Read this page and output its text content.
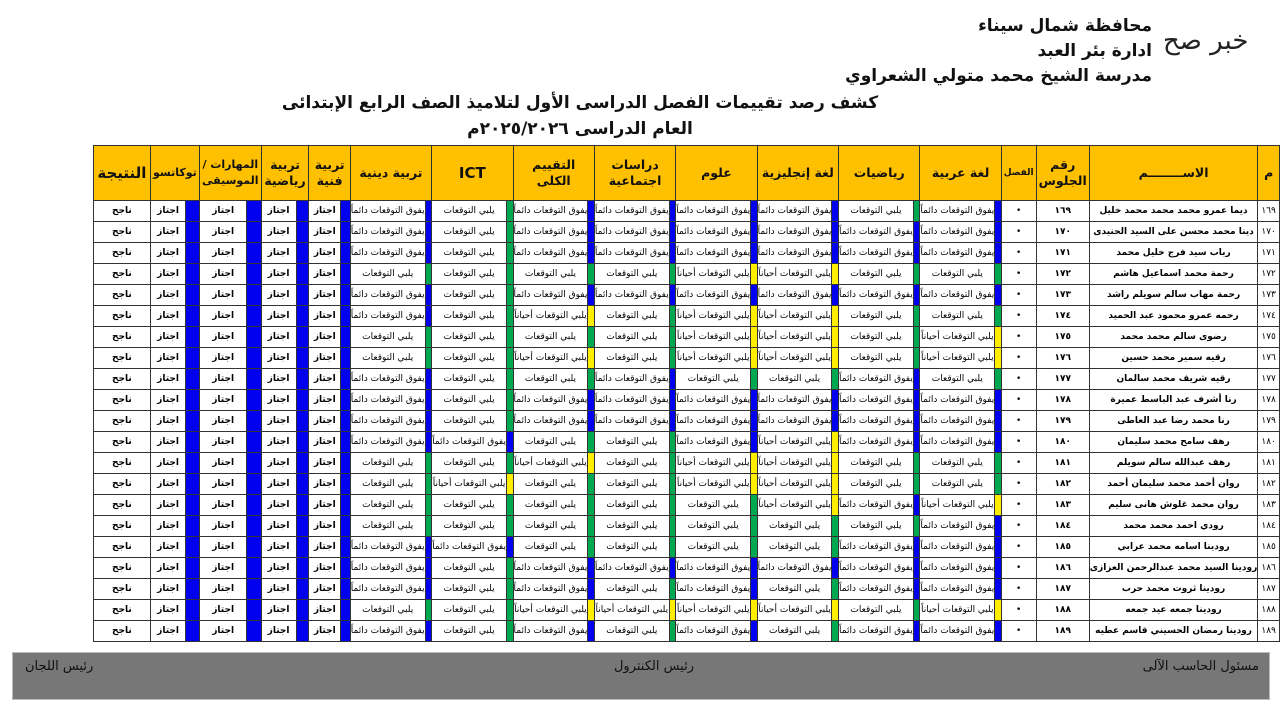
محافظة شمال سيناء
ادارة بئر العبد
مدرسة الشيخ محمد متولي الشعراوي
خبر صح
كشف رصد تقييمات الفصل الدراسى الأول لتلاميذ الصف الرابع الإبتدائى
العام الدراسى ٢٠٢٥/٢٠٢٦م
م	الاســــــــم	رقم الجلوس	الفصل	لغة عربية		رياضيات		لغة إنجليزية		علوم		دراسات اجتماعية		التقييم الكلى		ICT		تربية دينية		تربية فنية		تربية رياضية		المهارات / الموسيقى		توكاتسو		النتيجة
١٦٩	ديما عمرو محمد محمد محمد خليل	١٦٩	•		يفوق التوقعات دائماً		يلبي التوقعات		يفوق التوقعات دائماً		يفوق التوقعات دائماً		يفوق التوقعات دائماً		يفوق التوقعات دائماً		يلبي التوقعات		يفوق التوقعات دائماً		اجتاز		اجتاز		اجتاز		اجتاز	ناجح
١٧٠	دينا محمد محسن على السيد الحنيدى	١٧٠	•		يفوق التوقعات دائماً		يفوق التوقعات دائماً		يفوق التوقعات دائماً		يفوق التوقعات دائماً		يفوق التوقعات دائماً		يفوق التوقعات دائماً		يلبي التوقعات		يفوق التوقعات دائماً		اجتاز		اجتاز		اجتاز		اجتاز	ناجح
١٧١	رباب سيد فرج خليل محمد	١٧١	•		يفوق التوقعات دائماً		يفوق التوقعات دائماً		يفوق التوقعات دائماً		يفوق التوقعات دائماً		يفوق التوقعات دائماً		يفوق التوقعات دائماً		يلبي التوقعات		يفوق التوقعات دائماً		اجتاز		اجتاز		اجتاز		اجتاز	ناجح
١٧٢	رحمة محمد اسماعيل هاشم	١٧٢	•		يلبي التوقعات		يلبي التوقعات		يلبي التوقعات أحياناً		يلبي التوقعات أحياناً		يلبي التوقعات		يلبي التوقعات		يلبي التوقعات		يلبي التوقعات		اجتاز		اجتاز		اجتاز		اجتاز	ناجح
١٧٣	رحمة مهاب سالم سويلم راشد	١٧٣	•		يفوق التوقعات دائماً		يفوق التوقعات دائماً		يفوق التوقعات دائماً		يفوق التوقعات دائماً		يفوق التوقعات دائماً		يفوق التوقعات دائماً		يلبي التوقعات		يفوق التوقعات دائماً		اجتاز		اجتاز		اجتاز		اجتاز	ناجح
١٧٤	رحمه عمرو محمود عبد الحميد	١٧٤	•		يلبي التوقعات		يلبي التوقعات		يلبي التوقعات أحياناً		يلبي التوقعات أحياناً		يلبي التوقعات		يلبي التوقعات أحياناً		يلبي التوقعات		يفوق التوقعات دائماً		اجتاز		اجتاز		اجتاز		اجتاز	ناجح
١٧٥	رضوى سالم محمد محمد	١٧٥	•		يلبي التوقعات أحياناً		يلبي التوقعات		يلبي التوقعات أحياناً		يلبي التوقعات أحياناً		يلبي التوقعات		يلبي التوقعات		يلبي التوقعات		يلبي التوقعات		اجتاز		اجتاز		اجتاز		اجتاز	ناجح
١٧٦	رقيه سمير محمد حسين	١٧٦	•		يلبي التوقعات أحياناً		يلبي التوقعات		يلبي التوقعات أحياناً		يلبي التوقعات أحياناً		يلبي التوقعات		يلبي التوقعات أحياناً		يلبي التوقعات		يلبي التوقعات		اجتاز		اجتاز		اجتاز		اجتاز	ناجح
١٧٧	رقيه شريف محمد سالمان	١٧٧	•		يلبي التوقعات		يفوق التوقعات دائماً		يلبي التوقعات		يلبي التوقعات		يفوق التوقعات دائماً		يلبي التوقعات		يلبي التوقعات		يفوق التوقعات دائماً		اجتاز		اجتاز		اجتاز		اجتاز	ناجح
١٧٨	رنا أشرف عبد الباسط عميرة	١٧٨	•		يفوق التوقعات دائماً		يفوق التوقعات دائماً		يفوق التوقعات دائماً		يفوق التوقعات دائماً		يفوق التوقعات دائماً		يفوق التوقعات دائماً		يلبي التوقعات		يفوق التوقعات دائماً		اجتاز		اجتاز		اجتاز		اجتاز	ناجح
١٧٩	رنا محمد رضا عبد العاطى	١٧٩	•		يفوق التوقعات دائماً		يفوق التوقعات دائماً		يفوق التوقعات دائماً		يفوق التوقعات دائماً		يفوق التوقعات دائماً		يفوق التوقعات دائماً		يلبي التوقعات		يفوق التوقعات دائماً		اجتاز		اجتاز		اجتاز		اجتاز	ناجح
١٨٠	رهف سامح محمد سليمان	١٨٠	•		يفوق التوقعات دائماً		يفوق التوقعات دائماً		يلبي التوقعات أحياناً		يفوق التوقعات دائماً		يلبي التوقعات		يلبي التوقعات		يفوق التوقعات دائماً		يفوق التوقعات دائماً		اجتاز		اجتاز		اجتاز		اجتاز	ناجح
١٨١	رهف عبدالله سالم سويلم	١٨١	•		يلبي التوقعات		يلبي التوقعات		يلبي التوقعات أحياناً		يلبي التوقعات أحياناً		يلبي التوقعات		يلبي التوقعات أحياناً		يلبي التوقعات		يلبي التوقعات		اجتاز		اجتاز		اجتاز		اجتاز	ناجح
١٨٢	روان أحمد محمد سليمان أحمد	١٨٢	•		يلبي التوقعات		يلبي التوقعات		يلبي التوقعات أحياناً		يلبي التوقعات أحياناً		يلبي التوقعات		يلبي التوقعات		يلبي التوقعات أحياناً		يلبي التوقعات		اجتاز		اجتاز		اجتاز		اجتاز	ناجح
١٨٣	روان محمد غلوش هانى سليم	١٨٣	•		يلبي التوقعات أحياناً		يفوق التوقعات دائماً		يلبي التوقعات أحياناً		يلبي التوقعات		يلبي التوقعات		يلبي التوقعات		يلبي التوقعات		يلبي التوقعات		اجتاز		اجتاز		اجتاز		اجتاز	ناجح
١٨٤	رودي احمد محمد محمد	١٨٤	•		يفوق التوقعات دائماً		يلبي التوقعات		يلبي التوقعات		يلبي التوقعات		يلبي التوقعات		يلبي التوقعات		يلبي التوقعات		يلبي التوقعات		اجتاز		اجتاز		اجتاز		اجتاز	ناجح
١٨٥	رودينا اسامه محمد عرابي	١٨٥	•		يفوق التوقعات دائماً		يفوق التوقعات دائماً		يلبي التوقعات		يلبي التوقعات		يلبي التوقعات		يلبي التوقعات		يفوق التوقعات دائماً		يفوق التوقعات دائماً		اجتاز		اجتاز		اجتاز		اجتاز	ناجح
١٨٦	رودينا السيد محمد عبدالرحمن العزازى	١٨٦	•		يفوق التوقعات دائماً		يفوق التوقعات دائماً		يفوق التوقعات دائماً		يفوق التوقعات دائماً		يفوق التوقعات دائماً		يفوق التوقعات دائماً		يلبي التوقعات		يفوق التوقعات دائماً		اجتاز		اجتاز		اجتاز		اجتاز	ناجح
١٨٧	رودينا ثروت محمد حرب	١٨٧	•		يفوق التوقعات دائماً		يفوق التوقعات دائماً		يلبي التوقعات		يفوق التوقعات دائماً		يلبي التوقعات		يفوق التوقعات دائماً		يلبي التوقعات		يفوق التوقعات دائماً		اجتاز		اجتاز		اجتاز		اجتاز	ناجح
١٨٨	رودينا جمعه عيد جمعه	١٨٨	•		يلبي التوقعات أحياناً		يلبي التوقعات		يلبي التوقعات أحياناً		يلبي التوقعات أحياناً		يلبي التوقعات أحياناً		يلبي التوقعات أحياناً		يلبي التوقعات		يلبي التوقعات		اجتاز		اجتاز		اجتاز		اجتاز	ناجح
١٨٩	رودينا رمضان الحسيني قاسم عطيه	١٨٩	•		يفوق التوقعات دائماً		يفوق التوقعات دائماً		يلبي التوقعات		يفوق التوقعات دائماً		يلبي التوقعات		يفوق التوقعات دائماً		يلبي التوقعات		يفوق التوقعات دائماً		اجتاز		اجتاز		اجتاز		اجتاز	ناجح
مسئول الحاسب الآلى
رئيس الكنترول
رئيس اللجان
